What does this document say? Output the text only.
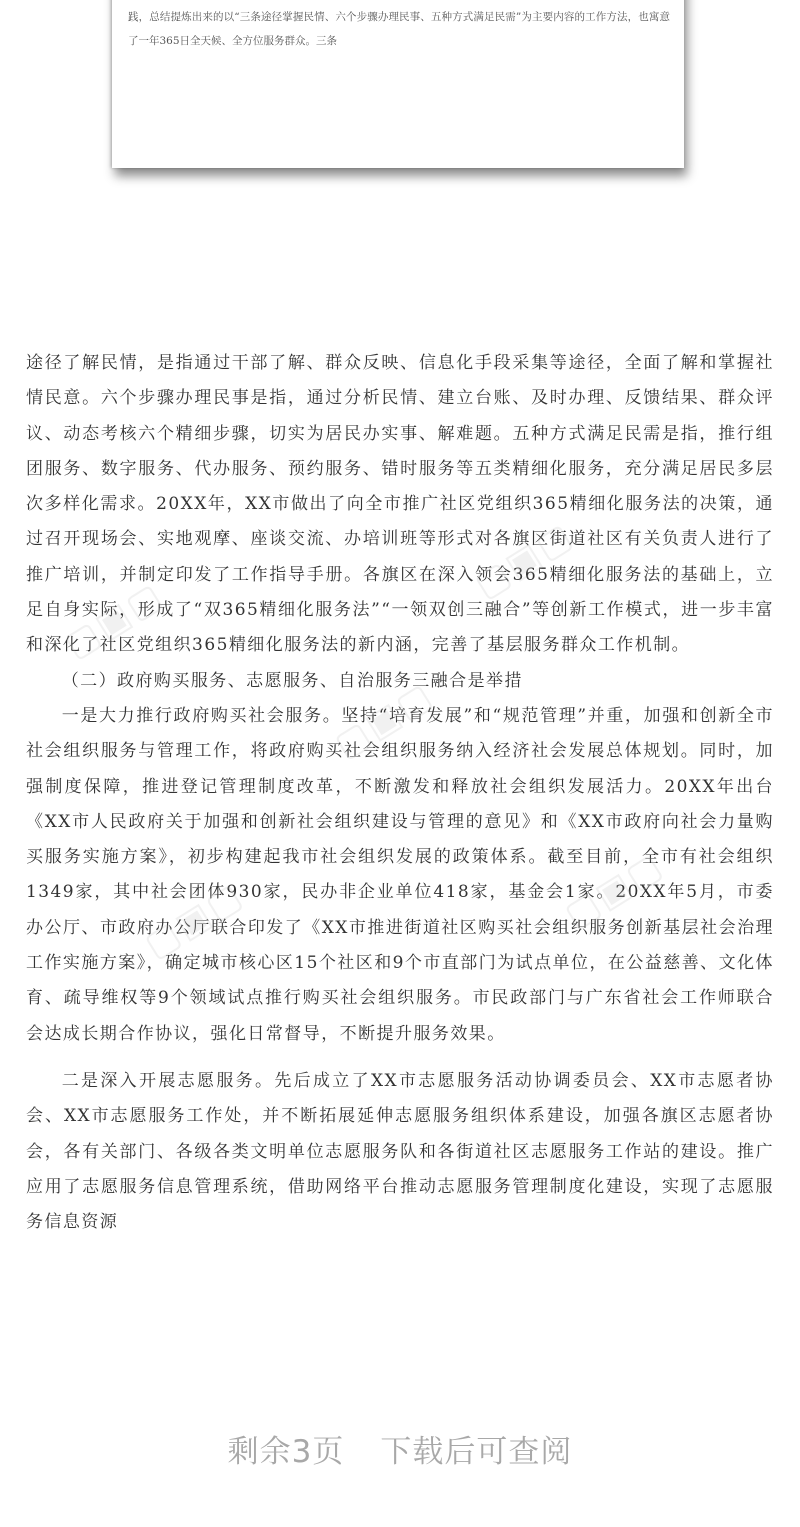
践，总结提炼出来的以“三条途径掌握民情、六个步骤办理民事、五种方式满足民需”为主要内容的工作方法，也寓意了一年365日全天候、全方位服务群众。三条

途径了解民情，是指通过干部了解、群众反映、信息化手段采集等途径，全面了解和掌握社情民意。六个步骤办理民事是指，通过分析民情、建立台账、及时办理、反馈结果、群众评议、动态考核六个精细步骤，切实为居民办实事、解难题。五种方式满足民需是指，推行组团服务、数字服务、代办服务、预约服务、错时服务等五类精细化服务，充分满足居民多层次多样化需求。20XX年，XX市做出了向全市推广社区党组织365精细化服务法的决策，通过召开现场会、实地观摩、座谈交流、办培训班等形式对各旗区街道社区有关负责人进行了推广培训，并制定印发了工作指导手册。各旗区在深入领会365精细化服务法的基础上，立足自身实际，形成了“双365精细化服务法”“一领双创三融合”等创新工作模式，进一步丰富和深化了社区党组织365精细化服务法的新内涵，完善了基层服务群众工作机制。

（二）政府购买服务、志愿服务、自治服务三融合是举措

一是大力推行政府购买社会服务。坚持“培育发展”和“规范管理”并重，加强和创新全市社会组织服务与管理工作，将政府购买社会组织服务纳入经济社会发展总体规划。同时，加强制度保障，推进登记管理制度改革，不断激发和释放社会组织发展活力。20XX年出台《XX市人民政府关于加强和创新社会组织建设与管理的意见》和《XX市政府向社会力量购买服务实施方案》，初步构建起我市社会组织发展的政策体系。截至目前，全市有社会组织1349家，其中社会团体930家，民办非企业单位418家，基金会1家。20XX年5月，市委办公厅、市政府办公厅联合印发了《XX市推进街道社区购买社会组织服务创新基层社会治理工作实施方案》，确定城市核心区15个社区和9个市直部门为试点单位，在公益慈善、文化体育、疏导维权等9个领域试点推行购买社会组织服务。市民政部门与广东省社会工作师联合会达成长期合作协议，强化日常督导，不断提升服务效果。

二是深入开展志愿服务。先后成立了XX市志愿服务活动协调委员会、XX市志愿者协会、XX市志愿服务工作处，并不断拓展延伸志愿服务组织体系建设，加强各旗区志愿者协会，各有关部门、各级各类文明单位志愿服务队和各街道社区志愿服务工作站的建设。推广应用了志愿服务信息管理系统，借助网络平台推动志愿服务管理制度化建设，实现了志愿服务信息资源

▢▣▢
▢▣▢
▢▣▢
▢▣▢	▢▣▢
剩余3页 下载后可查阅
